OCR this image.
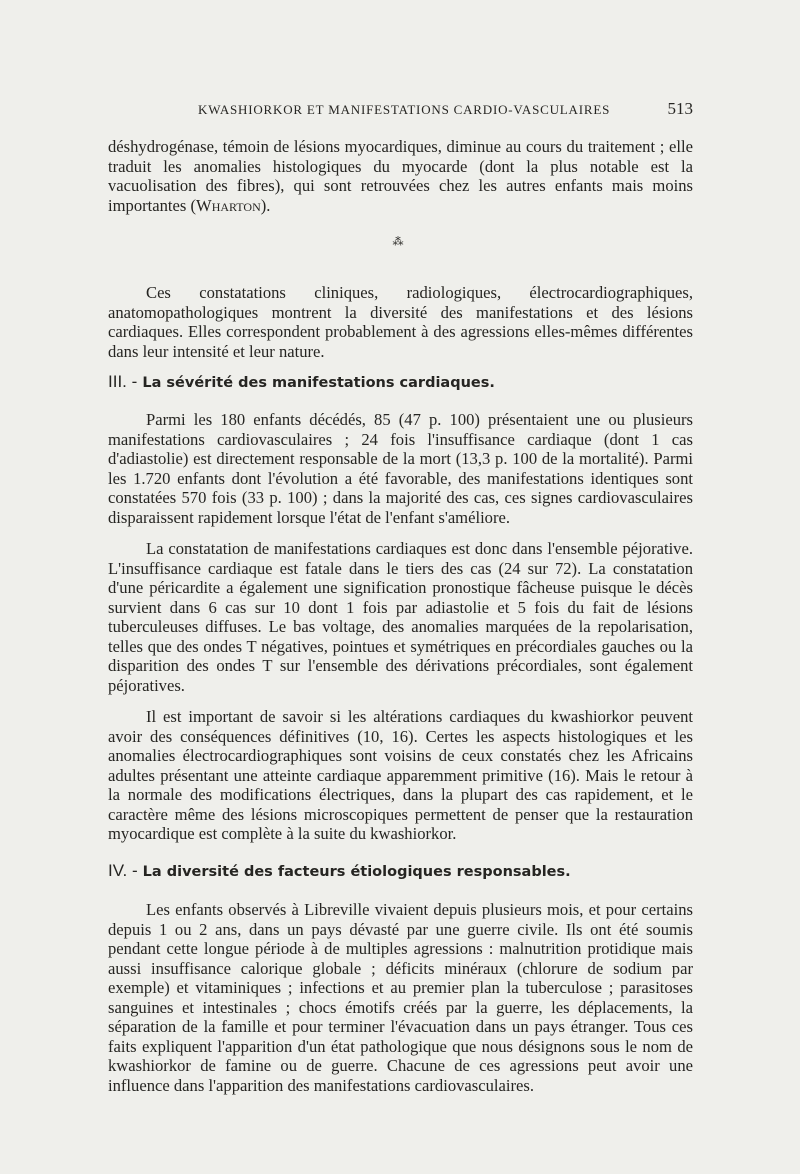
KWASHIORKOR ET MANIFESTATIONS CARDIO-VASCULAIRES	513

déshydrogénase, témoin de lésions myocardiques, diminue au cours du traitement ; elle traduit les anomalies histologiques du myocarde (dont la plus notable est la vacuolisation des fibres), qui sont retrouvées chez les autres enfants mais moins importantes (Wharton).

⁂

Ces constatations cliniques, radiologiques, électrocardiographiques, anatomopathologiques montrent la diversité des manifestations et des lésions cardiaques. Elles correspondent probablement à des agressions elles-mêmes différentes dans leur intensité et leur nature.

III. - La sévérité des manifestations cardiaques.

Parmi les 180 enfants décédés, 85 (47 p. 100) présentaient une ou plusieurs manifestations cardiovasculaires ; 24 fois l'insuffisance cardiaque (dont 1 cas d'adiastolie) est directement responsable de la mort (13,3 p. 100 de la mortalité). Parmi les 1.720 enfants dont l'évolution a été favorable, des manifestations identiques sont constatées 570 fois (33 p. 100) ; dans la majorité des cas, ces signes cardiovasculaires disparaissent rapidement lorsque l'état de l'enfant s'améliore.

La constatation de manifestations cardiaques est donc dans l'ensemble péjorative. L'insuffisance cardiaque est fatale dans le tiers des cas (24 sur 72). La constatation d'une péricardite a également une signification pronostique fâcheuse puisque le décès survient dans 6 cas sur 10 dont 1 fois par adiastolie et 5 fois du fait de lésions tuberculeuses diffuses. Le bas voltage, des anomalies marquées de la repolarisation, telles que des ondes T négatives, pointues et symétriques en précordiales gauches ou la disparition des ondes T sur l'ensemble des dérivations précordiales, sont également péjoratives.

Il est important de savoir si les altérations cardiaques du kwashiorkor peuvent avoir des conséquences définitives (10, 16). Certes les aspects histologiques et les anomalies électrocardiographiques sont voisins de ceux constatés chez les Africains adultes présentant une atteinte cardiaque apparemment primitive (16). Mais le retour à la normale des modifications électriques, dans la plupart des cas rapidement, et le caractère même des lésions microscopiques permettent de penser que la restauration myocardique est complète à la suite du kwashiorkor.

IV. - La diversité des facteurs étiologiques responsables.

Les enfants observés à Libreville vivaient depuis plusieurs mois, et pour certains depuis 1 ou 2 ans, dans un pays dévasté par une guerre civile. Ils ont été soumis pendant cette longue période à de multiples agressions : malnutrition protidique mais aussi insuffisance calorique globale ; déficits minéraux (chlorure de sodium par exemple) et vitaminiques ; infections et au premier plan la tuberculose ; parasitoses sanguines et intestinales ; chocs émotifs créés par la guerre, les déplacements, la séparation de la famille et pour terminer l'évacuation dans un pays étranger. Tous ces faits expliquent l'apparition d'un état pathologique que nous désignons sous le nom de kwashiorkor de famine ou de guerre. Chacune de ces agressions peut avoir une influence dans l'apparition des manifestations cardiovasculaires.
